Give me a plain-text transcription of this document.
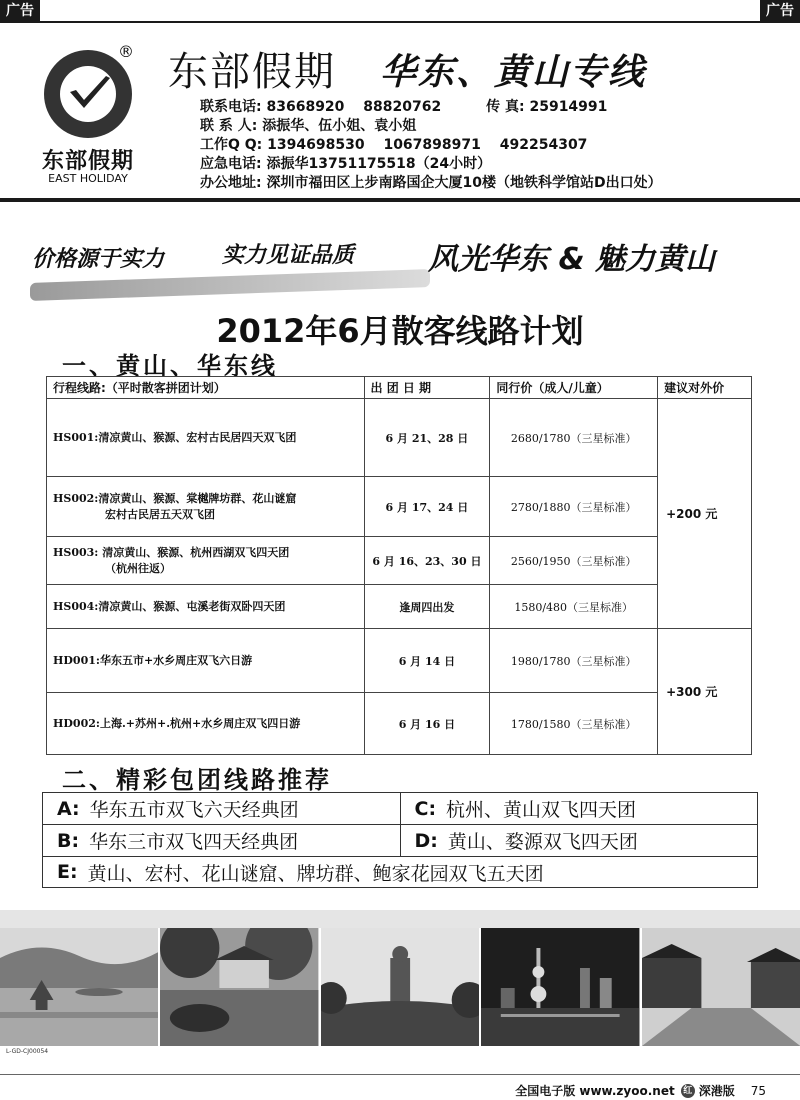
广告	广告
®
东部假期
EAST HOLIDAY
东部假期 华东、黄山专线
联系电话: 83668920 88820762	传 真: 25914991
联 系 人: 添振华、伍小姐、袁小姐
工作Q Q: 1394698530 1067898971 492254307
应急电话: 添振华13751175518（24小时）
办公地址: 深圳市福田区上步南路国企大厦10楼（地铁科学馆站D出口处）
价格源于实力	实力见证品质 风光华东 & 魅力黄山
2012年6月散客线路计划
一、黄山、华东线
行程线路:（平时散客拼团计划）	出 团 日 期	同行价（成人/儿童）	建议对外价
HS001:清凉黄山、猴源、宏村古民居四天双飞团	6 月 21、28 日	2680/1780（三星标准）	+200 元
HS002:清凉黄山、猴源、棠樾牌坊群、花山谜窟
宏村古民居五天双飞团	6 月 17、24 日	2780/1880（三星标准）	
HS003: 清凉黄山、猴源、杭州西湖双飞四天团
（杭州往返）	6 月 16、23、30 日	2560/1950（三星标准）	
HS004:清凉黄山、猴源、屯溪老街双卧四天团	逢周四出发	1580/480（三星标准）	
HD001:华东五市+水乡周庄双飞六日游	6 月 14 日	1980/1780（三星标准）	+300 元
HD002:上海.+苏州+.杭州+水乡周庄双飞四日游	6 月 16 日	1780/1580（三星标准）	
二、精彩包团线路推荐
A: 华东五市双飞六天经典团	C: 杭州、黄山双飞四天团
B: 华东三市双飞四天经典团	D: 黄山、婺源双飞四天团
E: 黄山、宏村、花山谜窟、牌坊群、鲍家花园双飞五天团
L-GD-CJ00054
全国电子版 www.zyoo.net 红 深港版 75
